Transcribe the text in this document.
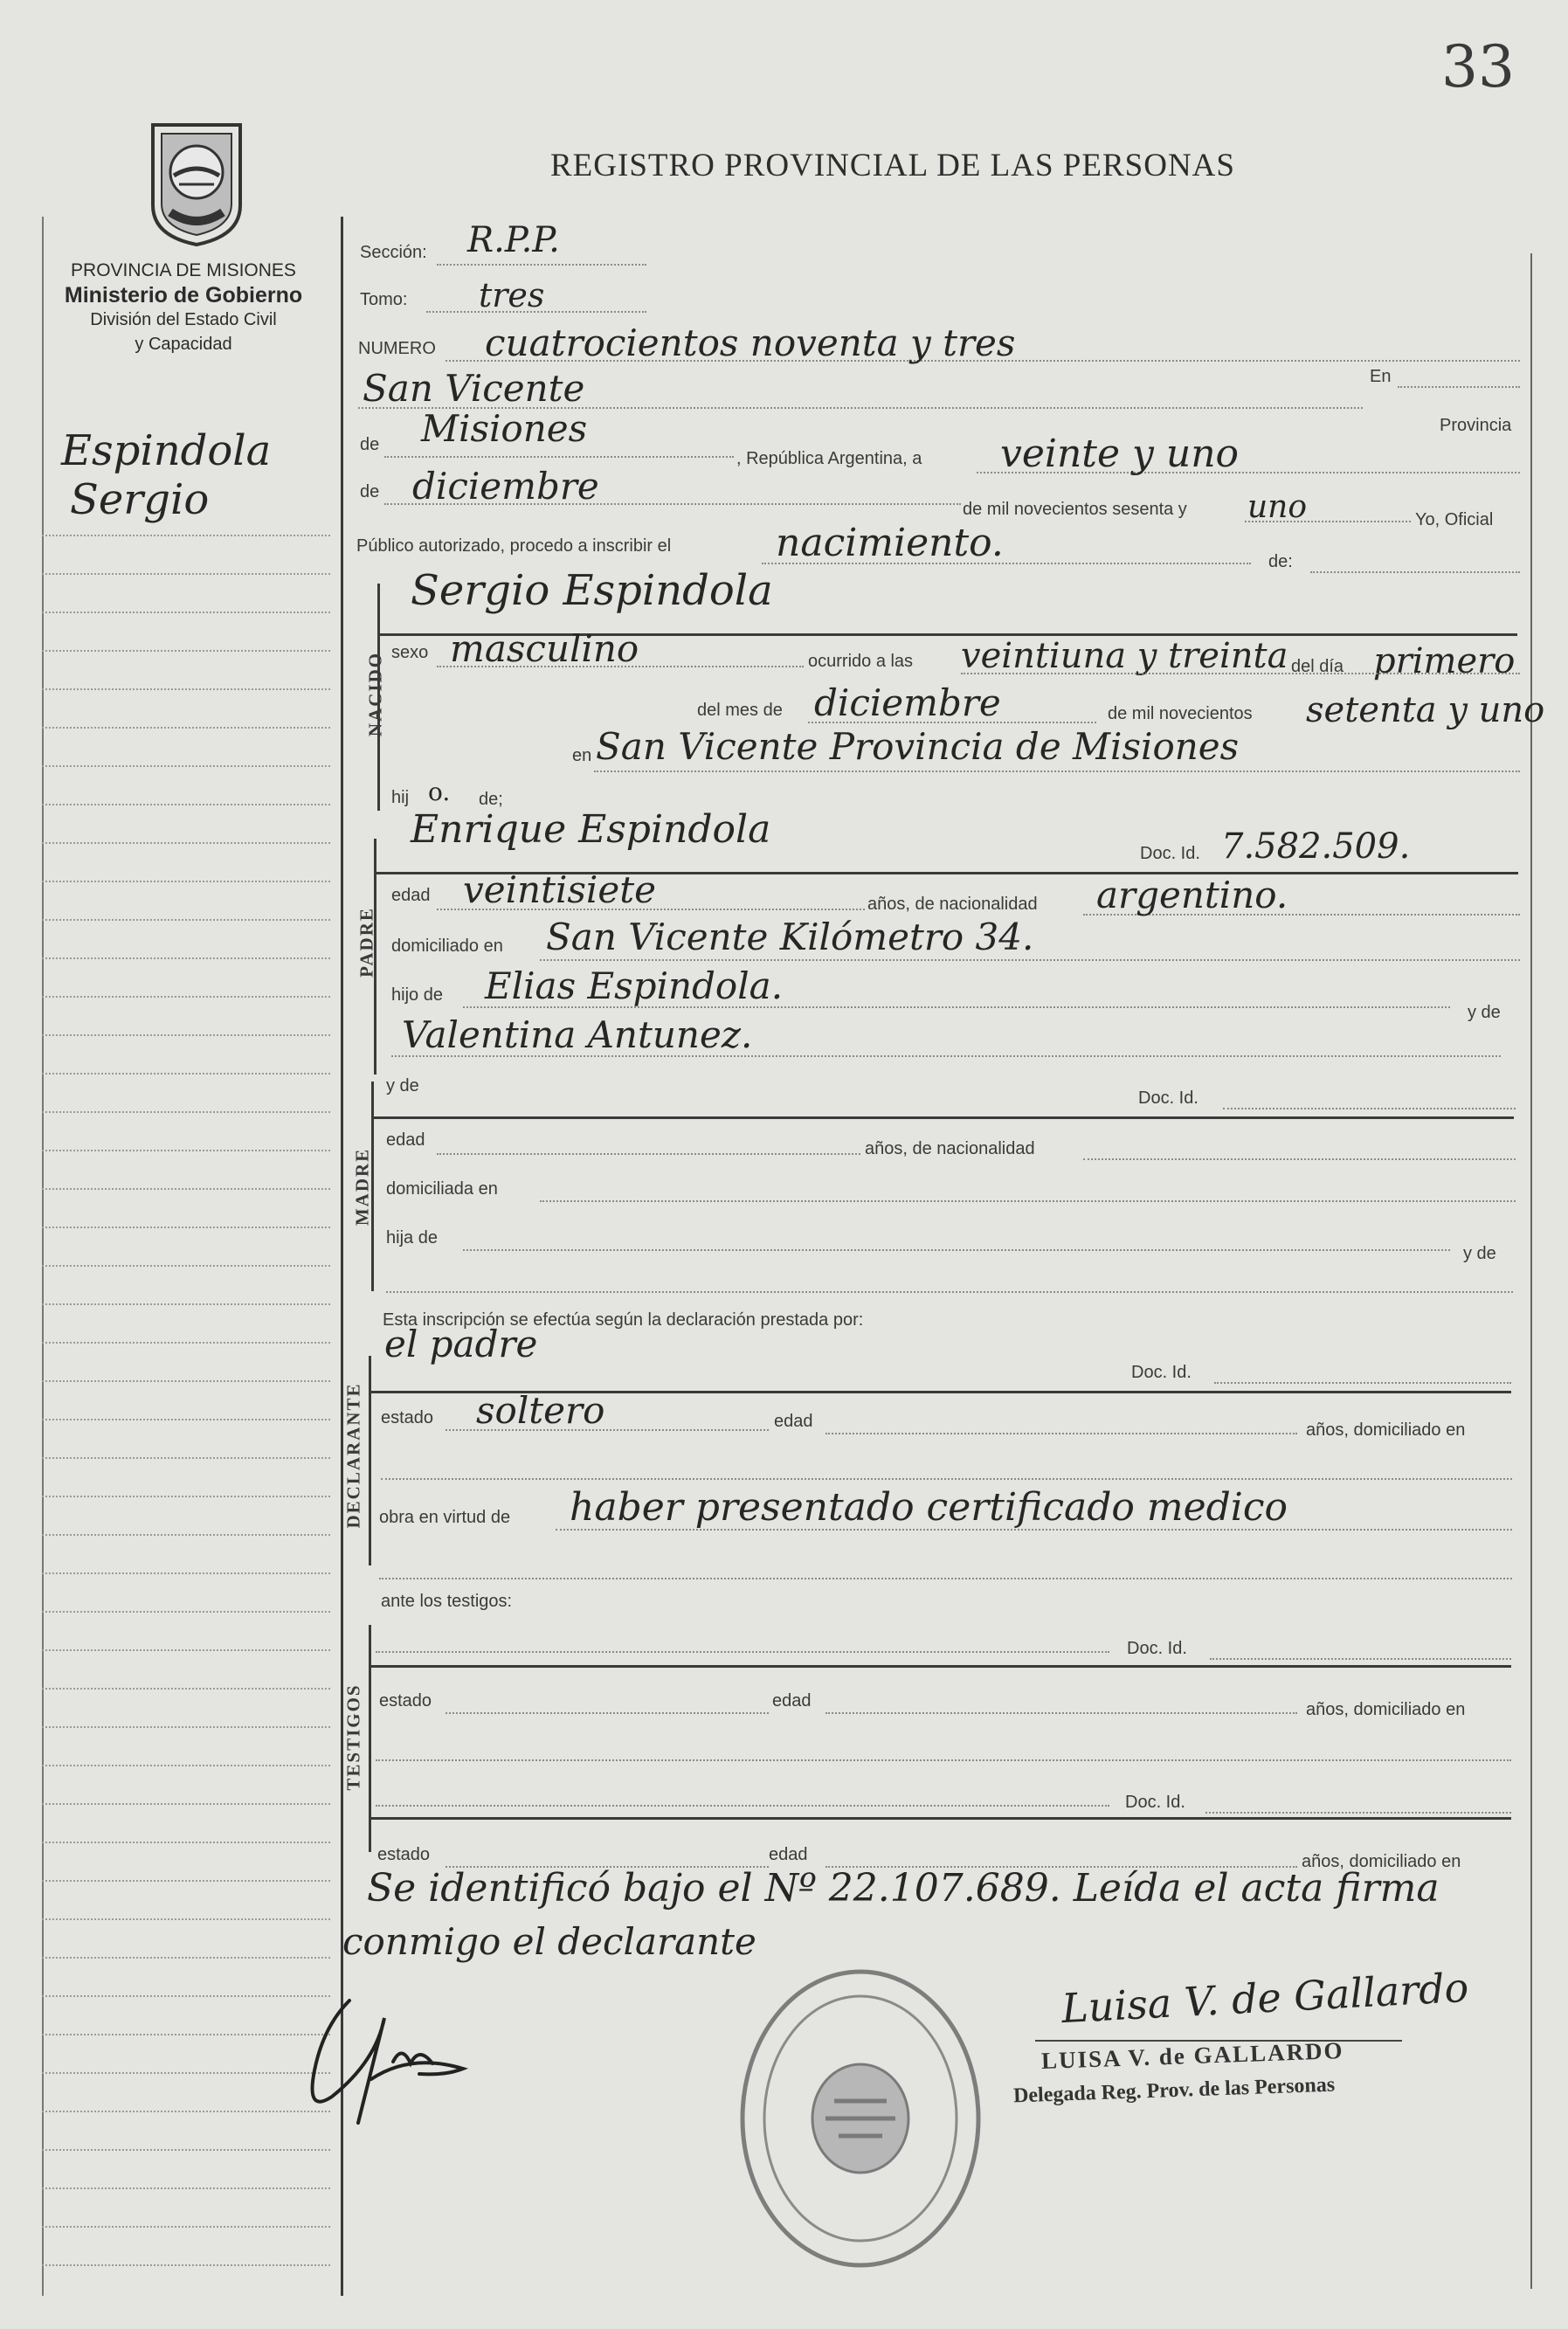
33
PROVINCIA DE MISIONES
Ministerio de Gobierno
División del Estado Civil
y Capacidad
REGISTRO PROVINCIAL DE LAS PERSONAS
Espindola
Sergio
Sección: R.P.P.
Tomo: tres
NUMERO cuatrocientos noventa y tres
San Vicente	En
Provincia
de Misiones
, República Argentina, a veinte y uno
de diciembre
de mil novecientos sesenta y uno	Yo, Oficial
Público autorizado, procedo a inscribir el	nacimiento.	de:
NACIDO
Sergio Espindola
sexo masculino	ocurrido a las veintiuna y treinta del día primero
del mes de diciembre	de mil novecientos setenta y uno
en San Vicente Provincia de Misiones
hij o. de;
PADRE
Enrique Espindola
Doc. Id. 7.582.509.
edad veintisiete	años, de nacionalidad argentino.
domiciliado en San Vicente Kilómetro 34.
hijo de Elias Espindola.
y de
Valentina Antunez.
MADRE
y de
Doc. Id.
edad	años, de nacionalidad
domiciliada en
hija de
y de
Esta inscripción se efectúa según la declaración prestada por:
DECLARANTE
el padre
Doc. Id.
estado soltero	edad	años, domiciliado en
obra en virtud de haber presentado certificado medico
ante los testigos:
TESTIGOS
Doc. Id.
estado	edad	años, domiciliado en
Doc. Id.
estado	edad	años, domiciliado en
Se identificó bajo el Nº 22.107.689. Leída el acta firma
conmigo el declarante
Luisa V. de Gallardo
LUISA V. de GALLARDO
Delegada Reg. Prov. de las Personas
